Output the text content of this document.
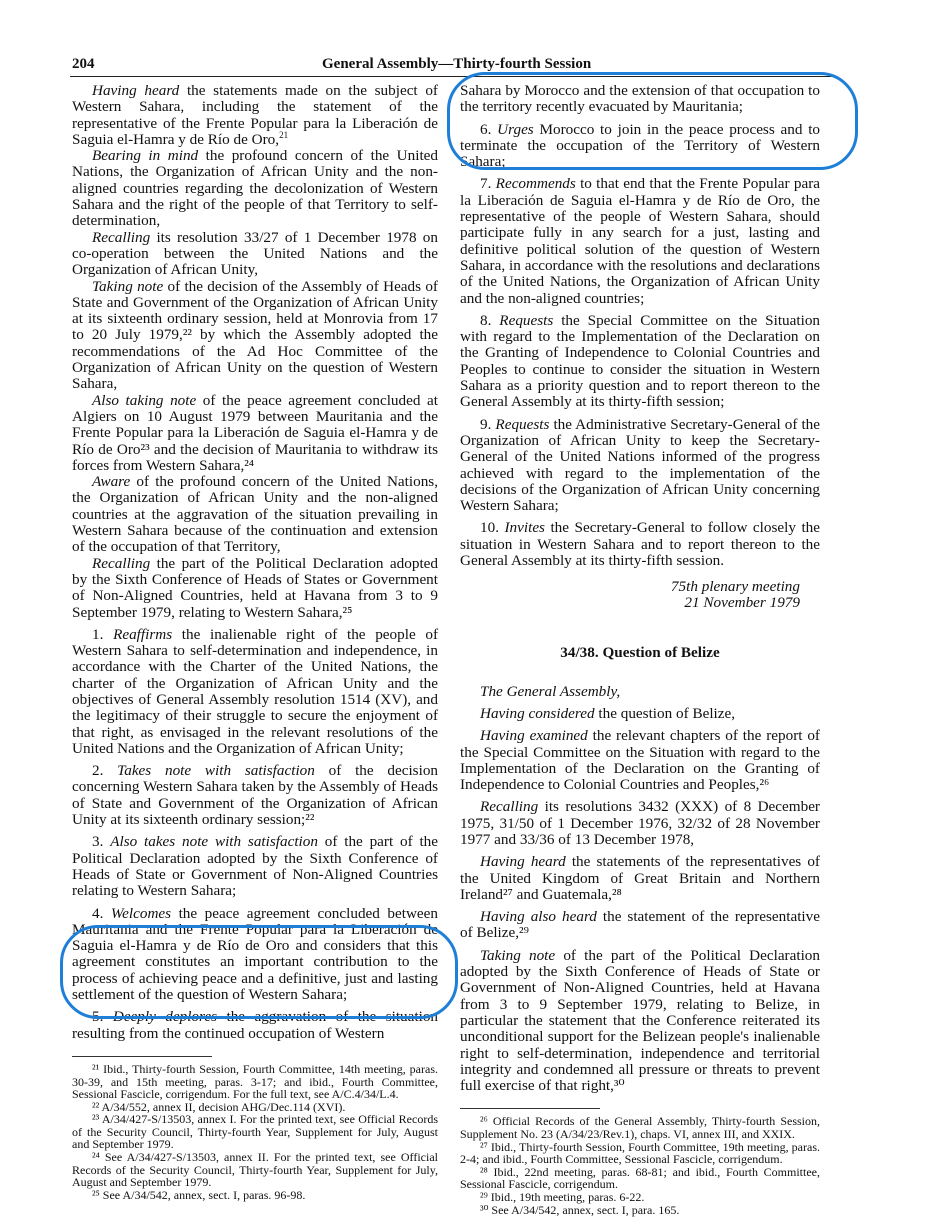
204	General Assembly—Thirty-fourth Session

Having heard the statements made on the subject of Western Sahara, including the statement of the representative of the Frente Popular para la Liberación de Saguia el-Hamra y de Río de Oro,$^{21}$

Bearing in mind the profound concern of the United Nations, the Organization of African Unity and the non-aligned countries regarding the decolonization of Western Sahara and the right of the people of that Territory to self-determination,

Recalling its resolution 33/27 of 1 December 1978 on co-operation between the United Nations and the Organization of African Unity,

Taking note of the decision of the Assembly of Heads of State and Government of the Organization of African Unity at its sixteenth ordinary session, held at Monrovia from 17 to 20 July 1979,²² by which the Assembly adopted the recommendations of the Ad Hoc Committee of the Organization of African Unity on the question of Western Sahara,

Also taking note of the peace agreement concluded at Algiers on 10 August 1979 between Mauritania and the Frente Popular para la Liberación de Saguia el-Hamra y de Río de Oro²³ and the decision of Mauritania to withdraw its forces from Western Sahara,²⁴

Aware of the profound concern of the United Nations, the Organization of African Unity and the non-aligned countries at the aggravation of the situation prevailing in Western Sahara because of the continuation and extension of the occupation of that Territory,

Recalling the part of the Political Declaration adopted by the Sixth Conference of Heads of States or Government of Non-Aligned Countries, held at Havana from 3 to 9 September 1979, relating to Western Sahara,²⁵

1. Reaffirms the inalienable right of the people of Western Sahara to self-determination and independence, in accordance with the Charter of the United Nations, the charter of the Organization of African Unity and the objectives of General Assembly resolution 1514 (XV), and the legitimacy of their struggle to secure the enjoyment of that right, as envisaged in the relevant resolutions of the United Nations and the Organization of African Unity;

2. Takes note with satisfaction of the decision concerning Western Sahara taken by the Assembly of Heads of State and Government of the Organization of African Unity at its sixteenth ordinary session;²²

3. Also takes note with satisfaction of the part of the Political Declaration adopted by the Sixth Conference of Heads of State or Government of Non-Aligned Countries relating to Western Sahara;

4. Welcomes the peace agreement concluded between Mauritania and the Frente Popular para la Liberación de Saguia el-Hamra y de Río de Oro and considers that this agreement constitutes an important contribution to the process of achieving peace and a definitive, just and lasting settlement of the question of Western Sahara;

5. Deeply deplores the aggravation of the situation resulting from the continued occupation of Western

²¹ Ibid., Thirty-fourth Session, Fourth Committee, 14th meeting, paras. 30-39, and 15th meeting, paras. 3-17; and ibid., Fourth Committee, Sessional Fascicle, corrigendum. For the full text, see A/C.4/34/L.4.

²² A/34/552, annex II, decision AHG/Dec.114 (XVI).

²³ A/34/427-S/13503, annex I. For the printed text, see Official Records of the Security Council, Thirty-fourth Year, Supplement for July, August and September 1979.

²⁴ See A/34/427-S/13503, annex II. For the printed text, see Official Records of the Security Council, Thirty-fourth Year, Supplement for July, August and September 1979.

²⁵ See A/34/542, annex, sect. I, paras. 96-98.

Sahara by Morocco and the extension of that occupation to the territory recently evacuated by Mauritania;

6. Urges Morocco to join in the peace process and to terminate the occupation of the Territory of Western Sahara;

7. Recommends to that end that the Frente Popular para la Liberación de Saguia el-Hamra y de Río de Oro, the representative of the people of Western Sahara, should participate fully in any search for a just, lasting and definitive political solution of the question of Western Sahara, in accordance with the resolutions and declarations of the United Nations, the Organization of African Unity and the non-aligned countries;

8. Requests the Special Committee on the Situation with regard to the Implementation of the Declaration on the Granting of Independence to Colonial Countries and Peoples to continue to consider the situation in Western Sahara as a priority question and to report thereon to the General Assembly at its thirty-fifth session;

9. Requests the Administrative Secretary-General of the Organization of African Unity to keep the Secretary-General of the United Nations informed of the progress achieved with regard to the implementation of the decisions of the Organization of African Unity concerning Western Sahara;

10. Invites the Secretary-General to follow closely the situation in Western Sahara and to report thereon to the General Assembly at its thirty-fifth session.

75th plenary meeting
21 November 1979
34/38. Question of Belize

The General Assembly,

Having considered the question of Belize,

Having examined the relevant chapters of the report of the Special Committee on the Situation with regard to the Implementation of the Declaration on the Granting of Independence to Colonial Countries and Peoples,²⁶

Recalling its resolutions 3432 (XXX) of 8 December 1975, 31/50 of 1 December 1976, 32/32 of 28 November 1977 and 33/36 of 13 December 1978,

Having heard the statements of the representatives of the United Kingdom of Great Britain and Northern Ireland²⁷ and Guatemala,²⁸

Having also heard the statement of the representative of Belize,²⁹

Taking note of the part of the Political Declaration adopted by the Sixth Conference of Heads of State or Government of Non-Aligned Countries, held at Havana from 3 to 9 September 1979, relating to Belize, in particular the statement that the Conference reiterated its unconditional support for the Belizean people's inalienable right to self-determination, independence and territorial integrity and condemned all pressure or threats to prevent full exercise of that right,³⁰

²⁶ Official Records of the General Assembly, Thirty-fourth Session, Supplement No. 23 (A/34/23/Rev.1), chaps. VI, annex III, and XXIX.

²⁷ Ibid., Thirty-fourth Session, Fourth Committee, 19th meeting, paras. 2-4; and ibid., Fourth Committee, Sessional Fascicle, corrigendum.

²⁸ Ibid., 22nd meeting, paras. 68-81; and ibid., Fourth Committee, Sessional Fascicle, corrigendum.

²⁹ Ibid., 19th meeting, paras. 6-22.

³⁰ See A/34/542, annex, sect. I, para. 165.
